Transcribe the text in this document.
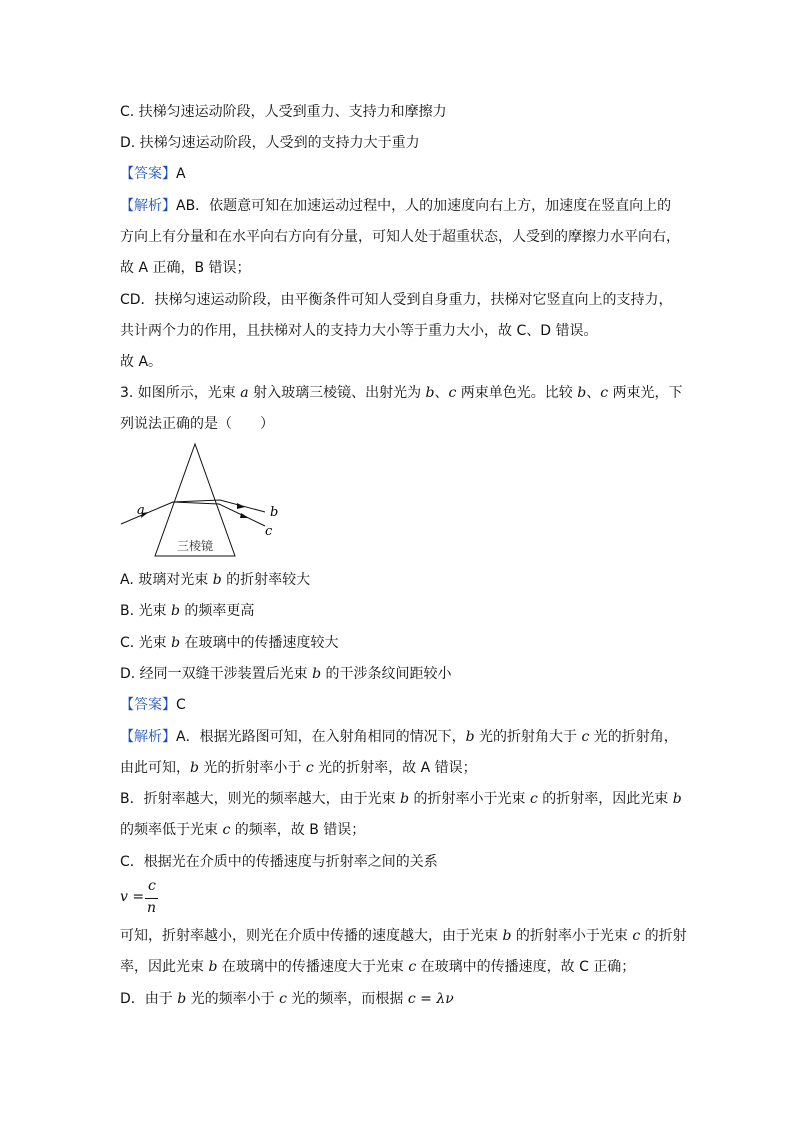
C. 扶梯匀速运动阶段，人受到重力、支持力和摩擦力
D. 扶梯匀速运动阶段，人受到的支持力大于重力
【答案】A
【解析】AB．依题意可知在加速运动过程中，人的加速度向右上方，加速度在竖直向上的
方向上有分量和在水平向右方向有分量，可知人处于超重状态，人受到的摩擦力水平向右，
故 A 正确，B 错误；
CD．扶梯匀速运动阶段，由平衡条件可知人受到自身重力，扶梯对它竖直向上的支持力，
共计两个力的作用，且扶梯对人的支持力大小等于重力大小，故 C、D 错误。
故 A。
3. 如图所示，光束 a 射入玻璃三棱镜、出射光为 b、c 两束单色光。比较 b、c 两束光，下
列说法正确的是（　　）
三棱镜
a	b
c
A. 玻璃对光束 b 的折射率较大
B. 光束 b 的频率更高
C. 光束 b 在玻璃中的传播速度较大
D. 经同一双缝干涉装置后光束 b 的干涉条纹间距较小
【答案】C
【解析】A．根据光路图可知，在入射角相同的情况下，b 光的折射角大于 c 光的折射角，
由此可知，b 光的折射率小于 c 光的折射率，故 A 错误；
B．折射率越大，则光的频率越大，由于光束 b 的折射率小于光束 c 的折射率，因此光束 b
的频率低于光束 c 的频率，故 B 错误；
C．根据光在介质中的传播速度与折射率之间的关系
v =
c
n
可知，折射率越小，则光在介质中传播的速度越大，由于光束 b 的折射率小于光束 c 的折射
率，因此光束 b 在玻璃中的传播速度大于光束 c 在玻璃中的传播速度，故 C 正确；
D．由于 b 光的频率小于 c 光的频率，而根据 c = λν
